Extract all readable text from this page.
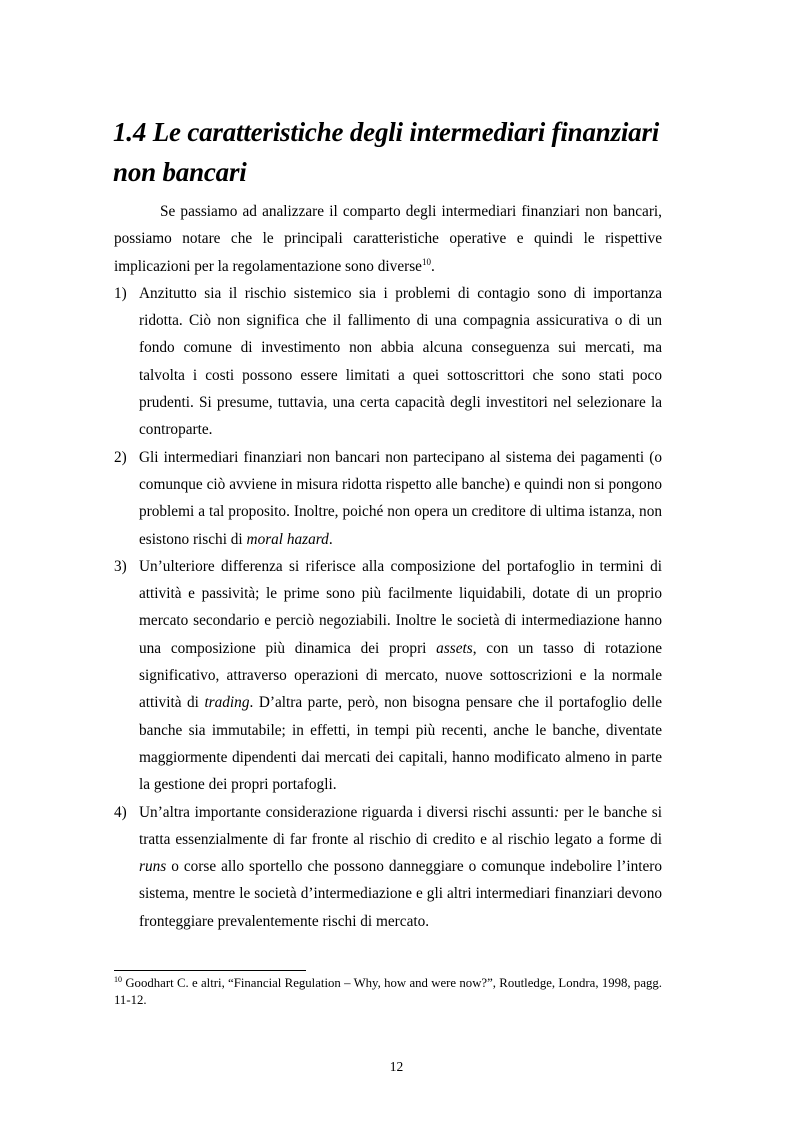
1.4 Le caratteristiche degli intermediari finanziari non bancari

Se passiamo ad analizzare il comparto degli intermediari finanziari non bancari, possiamo notare che le principali caratteristiche operative e quindi le rispettive implicazioni per la regolamentazione sono diverse$^{10}$.

1) Anzitutto sia il rischio sistemico sia i problemi di contagio sono di importanza ridotta. Ciò non significa che il fallimento di una compagnia assicurativa o di un fondo comune di investimento non abbia alcuna conseguenza sui mercati, ma talvolta i costi possono essere limitati a quei sottoscrittori che sono stati poco prudenti. Si presume, tuttavia, una certa capacità degli investitori nel selezionare la controparte.
2) Gli intermediari finanziari non bancari non partecipano al sistema dei pagamenti (o comunque ciò avviene in misura ridotta rispetto alle banche) e quindi non si pongono problemi a tal proposito. Inoltre, poiché non opera un creditore di ultima istanza, non esistono rischi di moral hazard.
3) Un’ulteriore differenza si riferisce alla composizione del portafoglio in termini di attività e passività; le prime sono più facilmente liquidabili, dotate di un proprio mercato secondario e perciò negoziabili. Inoltre le società di intermediazione hanno una composizione più dinamica dei propri assets, con un tasso di rotazione significativo, attraverso operazioni di mercato, nuove sottoscrizioni e la normale attività di trading. D’altra parte, però, non bisogna pensare che il portafoglio delle banche sia immutabile; in effetti, in tempi più recenti, anche le banche, diventate maggiormente dipendenti dai mercati dei capitali, hanno modificato almeno in parte la gestione dei propri portafogli.
4) Un’altra importante considerazione riguarda i diversi rischi assunti: per le banche si tratta essenzialmente di far fronte al rischio di credito e al rischio legato a forme di runs o corse allo sportello che possono danneggiare o comunque indebolire l’intero sistema, mentre le società d’intermediazione e gli altri intermediari finanziari devono fronteggiare prevalentemente rischi di mercato.
$^{10}$ Goodhart C. e altri, “Financial Regulation – Why, how and were now?”, Routledge, Londra, 1998, pagg. 11-12.
12
